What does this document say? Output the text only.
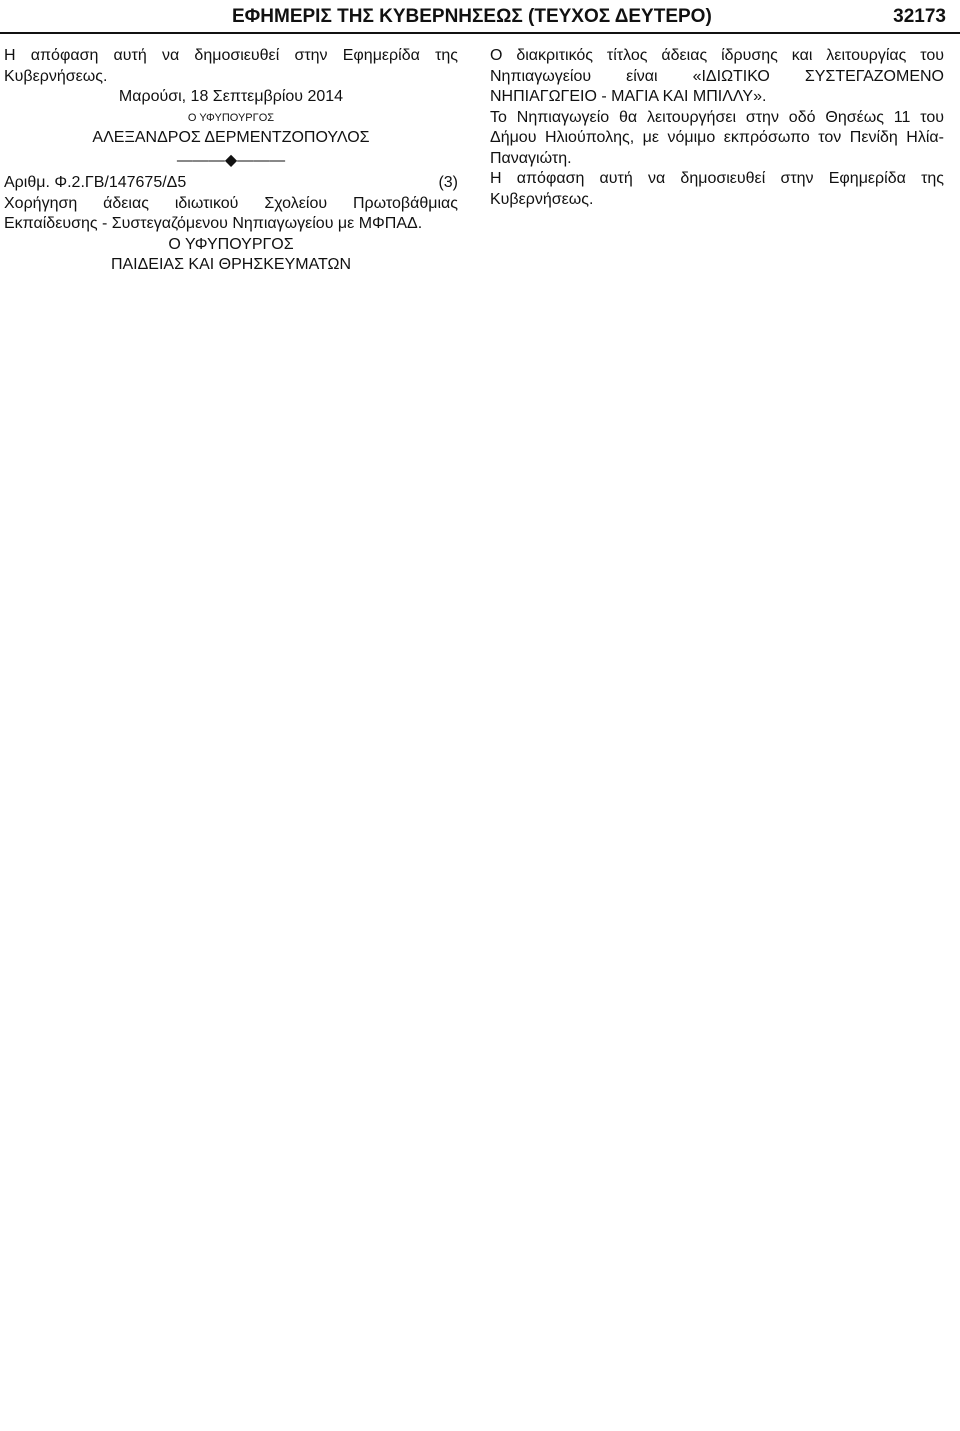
ΕΦΗΜΕΡΙΣ ΤΗΣ ΚΥΒΕΡΝΗΣΕΩΣ (ΤΕΥΧΟΣ ΔΕΥΤΕΡΟ)	32173
Η απόφαση αυτή να δημοσιευθεί στην Εφημερίδα της Κυβερνήσεως.
Μαρούσι, 18 Σεπτεμβρίου 2014
Ο ΥΦΥΠΟΥΡΓΟΣ
ΑΛΕΞΑΝΔΡΟΣ ΔΕΡΜΕΝΤΖΟΠΟΥΛΟΣ
———◆———
Αριθμ. Φ.2.ΓΒ/147675/Δ5	(3)
Χορήγηση άδειας ιδιωτικού Σχολείου Πρωτοβάθμιας Εκπαίδευσης - Συστεγαζόμενου Νηπιαγωγείου με ΜΦΠΑΔ.
Ο ΥΦΥΠΟΥΡΓΟΣ
ΠΑΙΔΕΙΑΣ ΚΑΙ ΘΡΗΣΚΕΥΜΑΤΩΝ
Ο διακριτικός τίτλος άδειας ίδρυσης και λειτουργίας του Νηπιαγωγείου είναι «ΙΔΙΩΤΙΚΟ ΣΥΣΤΕΓΑΖΟΜΕΝΟ ΝΗΠΙΑΓΩΓΕΙΟ - ΜΑΓΙΑ ΚΑΙ ΜΠΙΛΛΥ».
Το Νηπιαγωγείο θα λειτουργήσει στην οδό Θησέως 11 του Δήμου Ηλιούπολης, με νόμιμο εκπρόσωπο τον Πενίδη Ηλία- Παναγιώτη.
Η απόφαση αυτή να δημοσιευθεί στην Εφημερίδα της Κυβερνήσεως.
